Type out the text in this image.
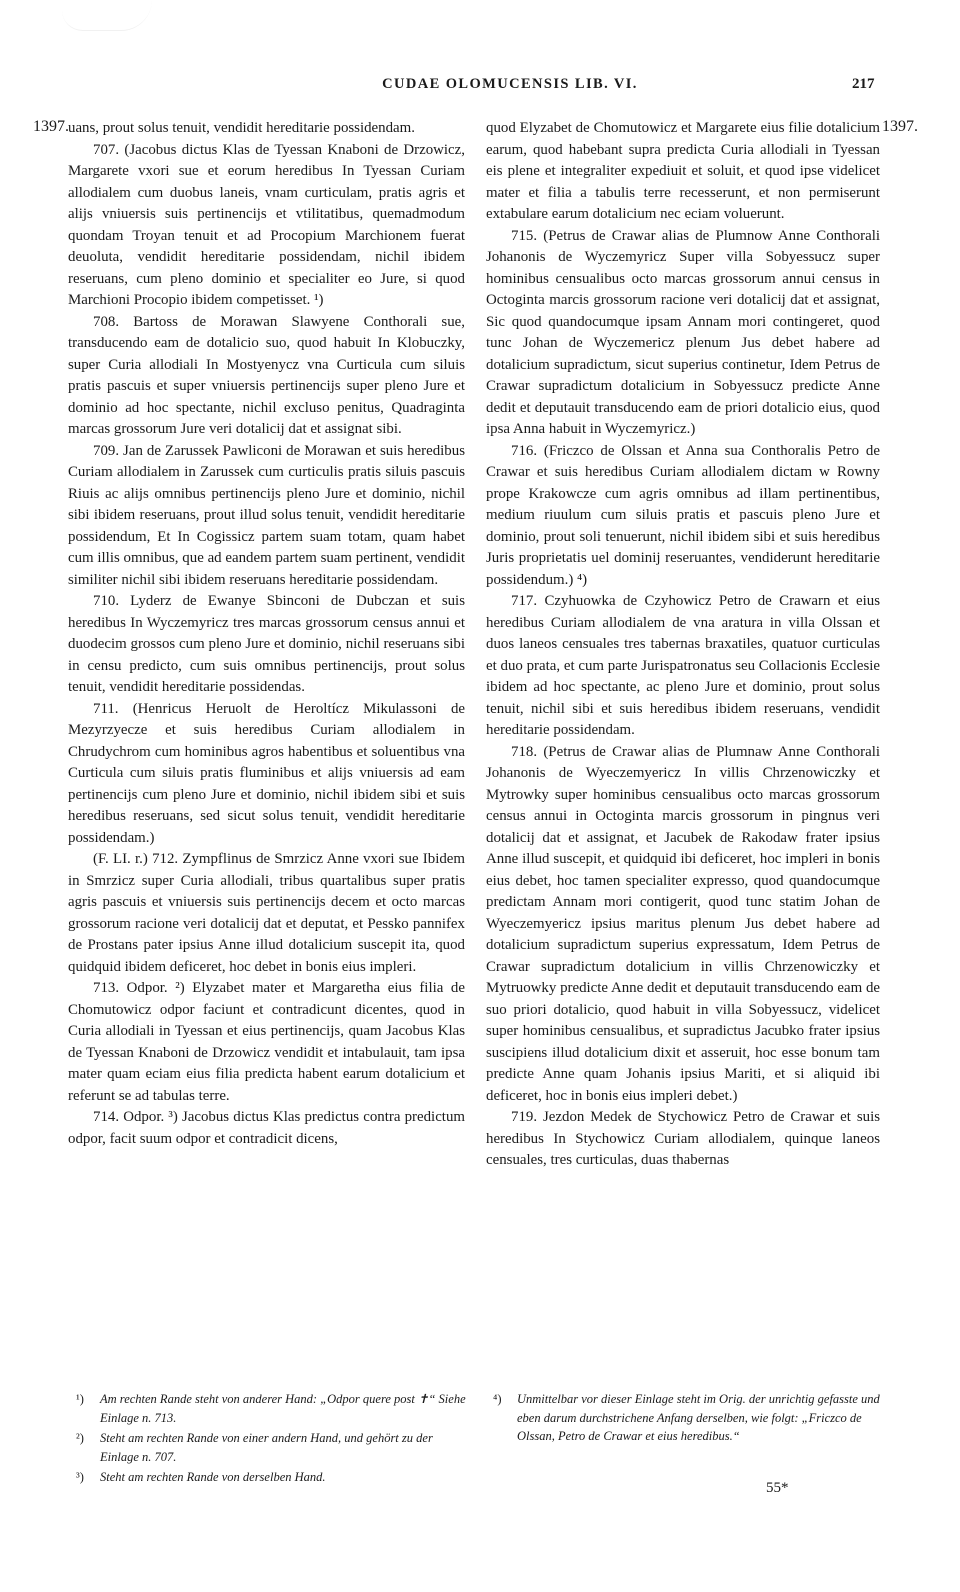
CUDAE OLOMUCENSIS LIB. VI.	217
1397.	1397.

uans, prout solus tenuit, vendidit hereditarie possidendam.

707. (Jacobus dictus Klas de Tyessan Knaboni de Drzowicz, Margarete vxori sue et eorum heredibus In Tyessan Curiam allodialem cum duobus laneis, vnam curticulam, pratis agris et alijs vniuersis suis pertinencijs et vtilitatibus, quemadmodum quondam Troyan tenuit et ad Procopium Marchionem fuerat deuoluta, vendidit hereditarie possidendam, nichil ibidem reseruans, cum pleno dominio et specialiter eo Jure, si quod Marchioni Procopio ibidem competisset. ¹)

708. Bartoss de Morawan Slawyene Conthorali sue, transducendo eam de dotalicio suo, quod habuit In Klobuczky, super Curia allodiali In Mostyenycz vna Curticula cum siluis pratis pascuis et super vniuersis pertinencijs super pleno Jure et dominio ad hoc spectante, nichil excluso penitus, Quadraginta marcas grossorum Jure veri dotalicij dat et assignat sibi.

709. Jan de Zarussek Pawliconi de Morawan et suis heredibus Curiam allodialem in Zarussek cum curticulis pratis siluis pascuis Riuis ac alijs omnibus pertinencijs pleno Jure et dominio, nichil sibi ibidem reseruans, prout illud solus tenuit, vendidit hereditarie possidendum, Et In Cogissicz partem suam totam, quam habet cum illis omnibus, que ad eandem partem suam pertinent, vendidit similiter nichil sibi ibidem reseruans hereditarie possidendam.

710. Lyderz de Ewanye Sbinconi de Dubczan et suis heredibus In Wyczemyricz tres marcas grossorum census annui et duodecim grossos cum pleno Jure et dominio, nichil reseruans sibi in censu predicto, cum suis omnibus pertinencijs, prout solus tenuit, vendidit hereditarie possidendas.

711. (Henricus Heruolt de Heroltícz Mikulassoni de Mezyrzyecze et suis heredibus Curiam allodialem in Chrudychrom cum hominibus agros habentibus et soluentibus vna Curticula cum siluis pratis fluminibus et alijs vniuersis ad eam pertinencijs cum pleno Jure et dominio, nichil ibidem sibi et suis heredibus reseruans, sed sicut solus tenuit, vendidit hereditarie possidendam.)

(F. LI. r.) 712. Zympflinus de Smrzicz Anne vxori sue Ibidem in Smrzicz super Curia allodiali, tribus quartalibus super pratis agris pascuis et vniuersis suis pertinencijs decem et octo marcas grossorum racione veri dotalicij dat et deputat, et Pessko pannifex de Prostans pater ipsius Anne illud dotalicium suscepit ita, quod quidquid ibidem deficeret, hoc debet in bonis eius impleri.

713. Odpor. ²) Elyzabet mater et Margaretha eius filia de Chomutowicz odpor faciunt et contradicunt dicentes, quod in Curia allodiali in Tyessan et eius pertinencijs, quam Jacobus Klas de Tyessan Knaboni de Drzowicz vendidit et intabulauit, tam ipsa mater quam eciam eius filia predicta habent earum dotalicium et referunt se ad tabulas terre.

714. Odpor. ³) Jacobus dictus Klas predictus contra predictum odpor, facit suum odpor et contradicit dicens,

quod Elyzabet de Chomutowicz et Margarete eius filie dotalicium earum, quod habebant supra predicta Curia allodiali in Tyessan eis plene et integraliter expediuit et soluit, et quod ipse videlicet mater et filia a tabulis terre recesserunt, et non permiserunt extabulare earum dotalicium nec eciam voluerunt.

715. (Petrus de Crawar alias de Plumnow Anne Conthorali Johanonis de Wyczemyricz Super villa Sobyessucz super hominibus censualibus octo marcas grossorum annui census in Octoginta marcis grossorum racione veri dotalicij dat et assignat, Sic quod quandocumque ipsam Annam mori contingeret, quod tunc Johan de Wyczemericz plenum Jus debet habere ad dotalicium supradictum, sicut superius continetur, Idem Petrus de Crawar supradictum dotalicium in Sobyessucz predicte Anne dedit et deputauit transducendo eam de priori dotalicio eius, quod ipsa Anna habuit in Wyczemyricz.)

716. (Friczco de Olssan et Anna sua Conthoralis Petro de Crawar et suis heredibus Curiam allodialem dictam w Rowny prope Krakowcze cum agris omnibus ad illam pertinentibus, medium riuulum cum siluis pratis et pascuis pleno Jure et dominio, prout soli tenuerunt, nichil ibidem sibi et suis heredibus Juris proprietatis uel dominij reseruantes, vendiderunt hereditarie possidendum.) ⁴)

717. Czyhuowka de Czyhowicz Petro de Crawarn et eius heredibus Curiam allodialem de vna aratura in villa Olssan et duos laneos censuales tres tabernas braxatiles, quatuor curticulas et duo prata, et cum parte Jurispatronatus seu Collacionis Ecclesie ibidem ad hoc spectante, ac pleno Jure et dominio, prout solus tenuit, nichil sibi et suis heredibus ibidem reseruans, vendidit hereditarie possidendam.

718. (Petrus de Crawar alias de Plumnaw Anne Conthorali Johanonis de Wyeczemyericz In villis Chrzenowiczky et Mytrowky super hominibus censualibus octo marcas grossorum census annui in Octoginta marcis grossorum in pingnus veri dotalicij dat et assignat, et Jacubek de Rakodaw frater ipsius Anne illud suscepit, et quidquid ibi deficeret, hoc impleri in bonis eius debet, hoc tamen specialiter expresso, quod quandocumque predictam Annam mori contigerit, quod tunc statim Johan de Wyeczemyericz ipsius maritus plenum Jus debet habere ad dotalicium supradictum superius expressatum, Idem Petrus de Crawar supradictum dotalicium in villis Chrzenowiczky et Mytruowky predicte Anne dedit et deputauit transducendo eam de suo priori dotalicio, quod habuit in villa Sobyessucz, videlicet super hominibus censualibus, et supradictus Jacubko frater ipsius suscipiens illud dotalicium dixit et asseruit, hoc esse bonum tam predicte Anne quam Johanis ipsius Mariti, et si aliquid ibi deficeret, hoc in bonis eius impleri debet.)

719. Jezdon Medek de Stychowicz Petro de Crawar et suis heredibus In Stychowicz Curiam allodialem, quinque laneos censuales, tres curticulas, duas thabernas

¹) Am rechten Rande steht von anderer Hand: „Odpor quere post ✝“ Siehe Einlage n. 713.

²) Steht am rechten Rande von einer andern Hand, und gehört zu der Einlage n. 707.

³) Steht am rechten Rande von derselben Hand.

⁴) Unmittelbar vor dieser Einlage steht im Orig. der unrichtig gefasste und eben darum durchstrichene Anfang derselben, wie folgt: „Friczco de Olssan, Petro de Crawar et eius heredibus.“

55*
